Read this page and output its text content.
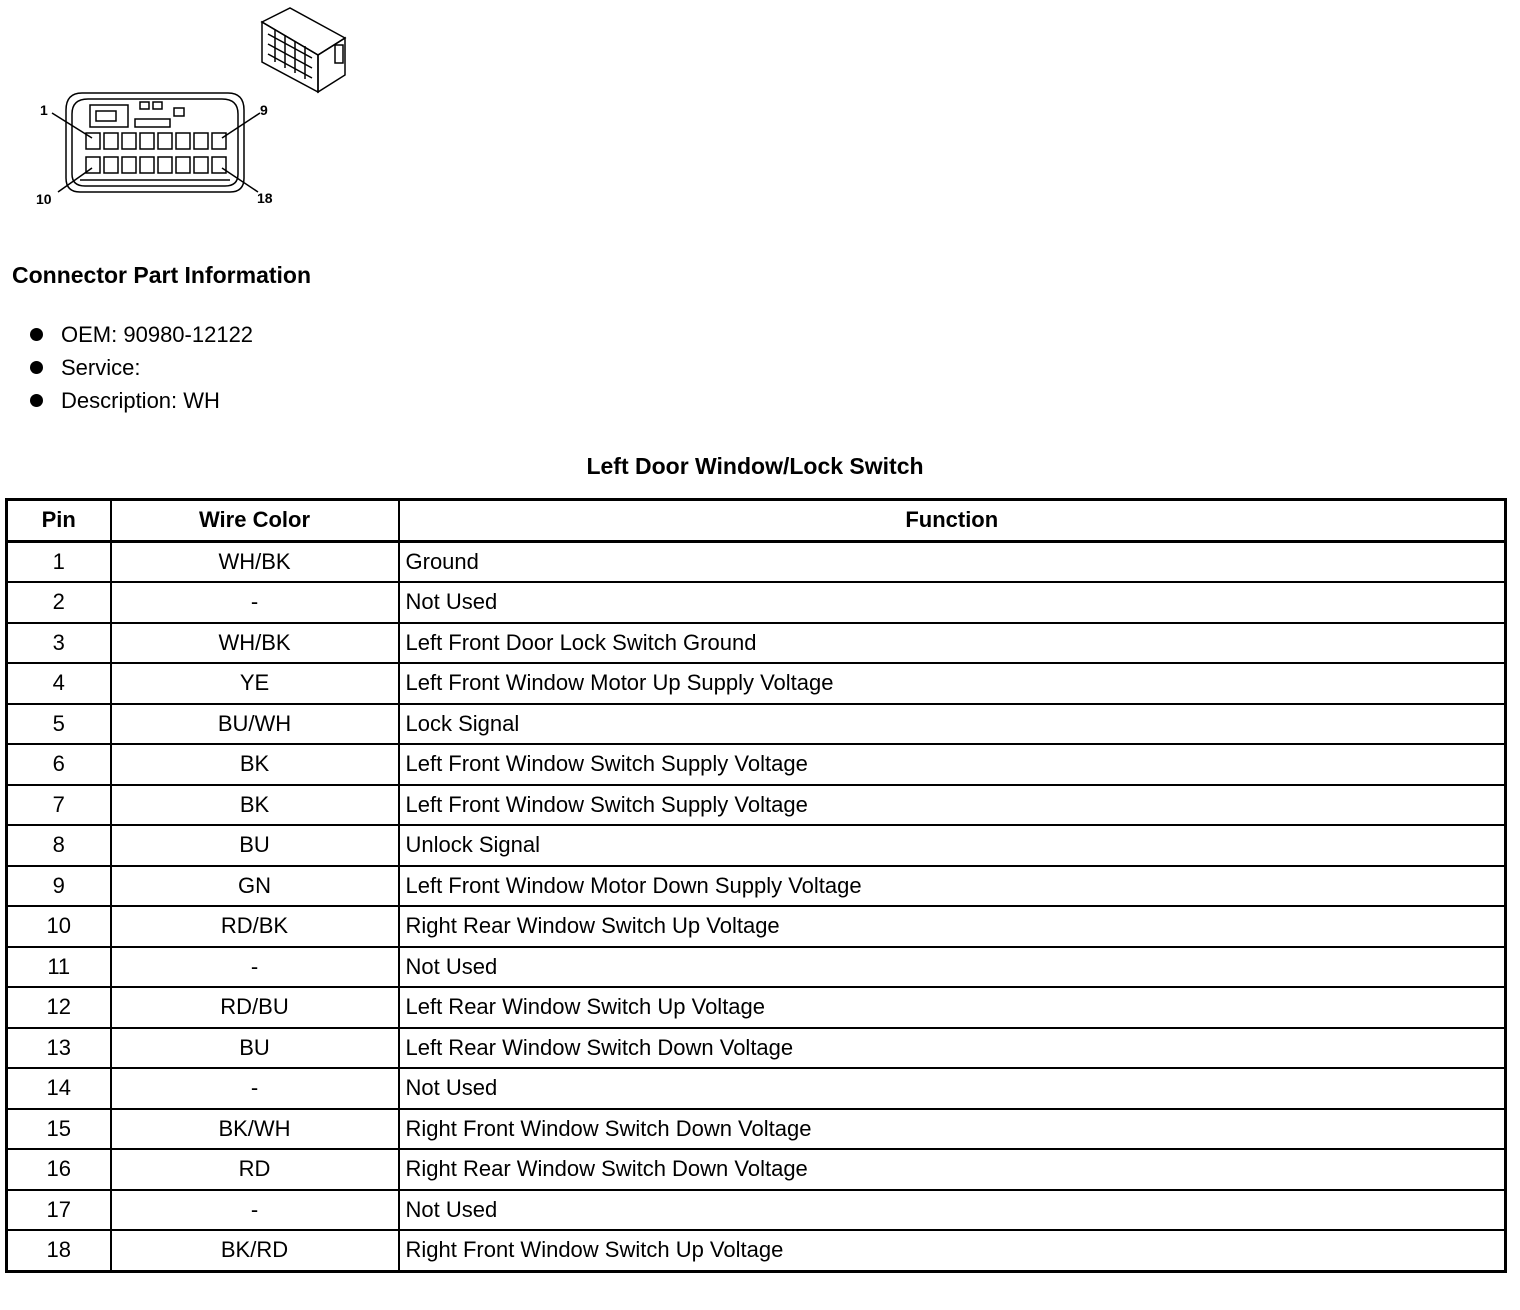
1	9
10	18
Connector Part Information
OEM:
90980-12122
Service:

Description:
WH
Left Door Window/Lock Switch
Pin	Wire Color	Function
1	WH/BK	Ground
2	-	Not Used
3	WH/BK	Left Front Door Lock Switch Ground
4	YE	Left Front Window Motor Up Supply Voltage
5	BU/WH	Lock Signal
6	BK	Left Front Window Switch Supply Voltage
7	BK	Left Front Window Switch Supply Voltage
8	BU	Unlock Signal
9	GN	Left Front Window Motor Down Supply Voltage
10	RD/BK	Right Rear Window Switch Up Voltage
11	-	Not Used
12	RD/BU	Left Rear Window Switch Up Voltage
13	BU	Left Rear Window Switch Down Voltage
14	-	Not Used
15	BK/WH	Right Front Window Switch Down Voltage
16	RD	Right Rear Window Switch Down Voltage
17	-	Not Used
18	BK/RD	Right Front Window Switch Up Voltage
